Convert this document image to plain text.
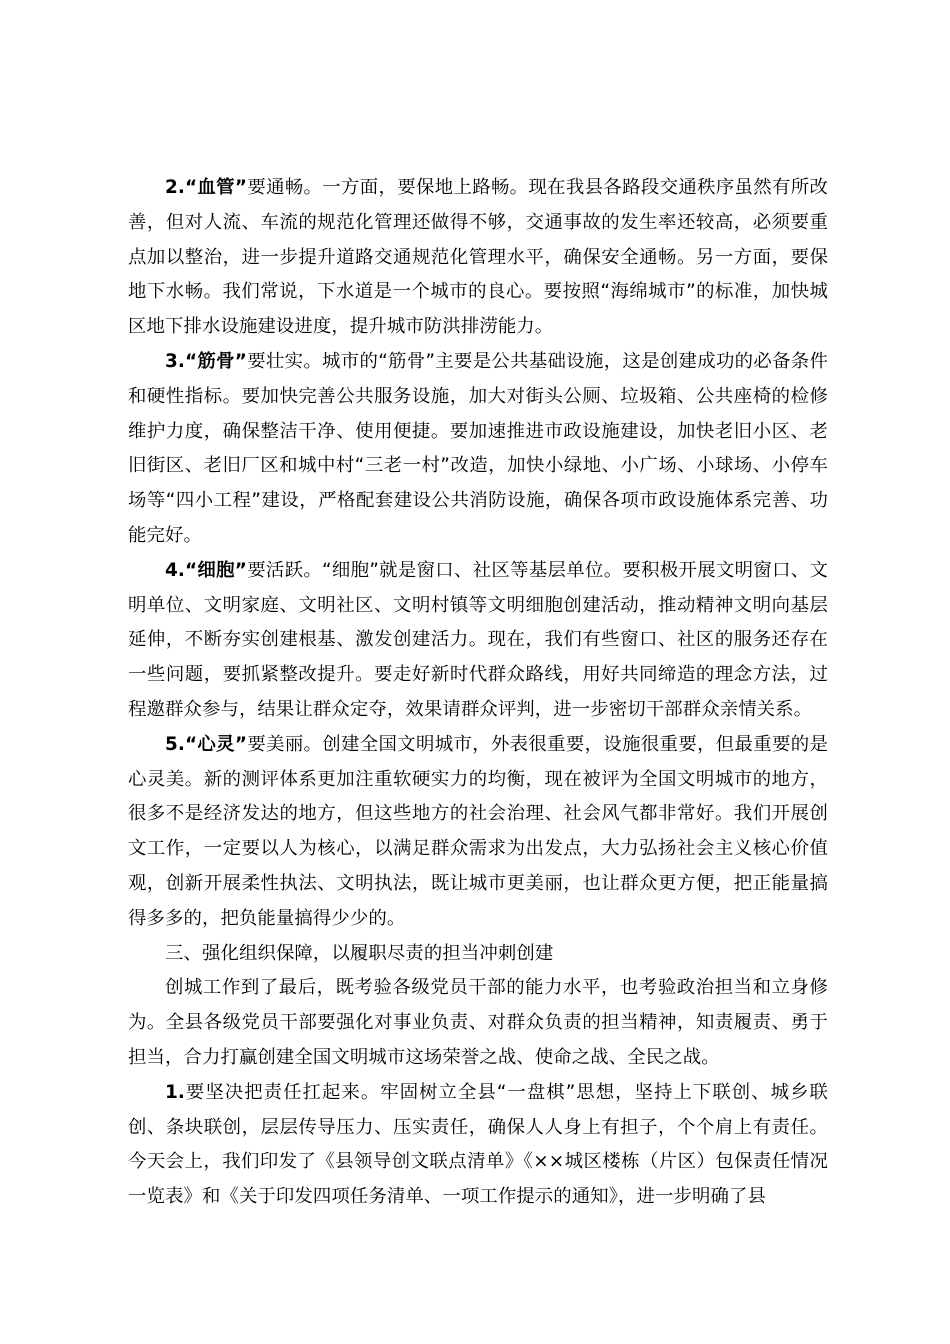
2.“血管”要通畅。一方面，要保地上路畅。现在我县各路段交通秩序虽然有所改善，但对人流、车流的规范化管理还做得不够，交通事故的发生率还较高，必须要重点加以整治，进一步提升道路交通规范化管理水平，确保安全通畅。另一方面，要保地下水畅。我们常说，下水道是一个城市的良心。要按照“海绵城市”的标准，加快城区地下排水设施建设进度，提升城市防洪排涝能力。

3.“筋骨”要壮实。城市的“筋骨”主要是公共基础设施，这是创建成功的必备条件和硬性指标。要加快完善公共服务设施，加大对街头公厕、垃圾箱、公共座椅的检修维护力度，确保整洁干净、使用便捷。要加速推进市政设施建设，加快老旧小区、老旧街区、老旧厂区和城中村“三老一村”改造，加快小绿地、小广场、小球场、小停车场等“四小工程”建设，严格配套建设公共消防设施，确保各项市政设施体系完善、功能完好。

4.“细胞”要活跃。“细胞”就是窗口、社区等基层单位。要积极开展文明窗口、文明单位、文明家庭、文明社区、文明村镇等文明细胞创建活动，推动精神文明向基层延伸，不断夯实创建根基、激发创建活力。现在，我们有些窗口、社区的服务还存在一些问题，要抓紧整改提升。要走好新时代群众路线，用好共同缔造的理念方法，过程邀群众参与，结果让群众定夺，效果请群众评判，进一步密切干部群众亲情关系。

5.“心灵”要美丽。创建全国文明城市，外表很重要，设施很重要，但最重要的是心灵美。新的测评体系更加注重软硬实力的均衡，现在被评为全国文明城市的地方，很多不是经济发达的地方，但这些地方的社会治理、社会风气都非常好。我们开展创文工作，一定要以人为核心，以满足群众需求为出发点，大力弘扬社会主义核心价值观，创新开展柔性执法、文明执法，既让城市更美丽，也让群众更方便，把正能量搞得多多的，把负能量搞得少少的。

三、强化组织保障，以履职尽责的担当冲刺创建

创城工作到了最后，既考验各级党员干部的能力水平，也考验政治担当和立身修为。全县各级党员干部要强化对事业负责、对群众负责的担当精神，知责履责、勇于担当，合力打赢创建全国文明城市这场荣誉之战、使命之战、全民之战。

1.要坚决把责任扛起来。牢固树立全县“一盘棋”思想，坚持上下联创、城乡联创、条块联创，层层传导压力、压实责任，确保人人身上有担子，个个肩上有责任。今天会上，我们印发了《县领导创文联点清单》《××城区楼栋（片区）包保责任情况一览表》和《关于印发四项任务清单、一项工作提示的通知》，进一步明确了县
